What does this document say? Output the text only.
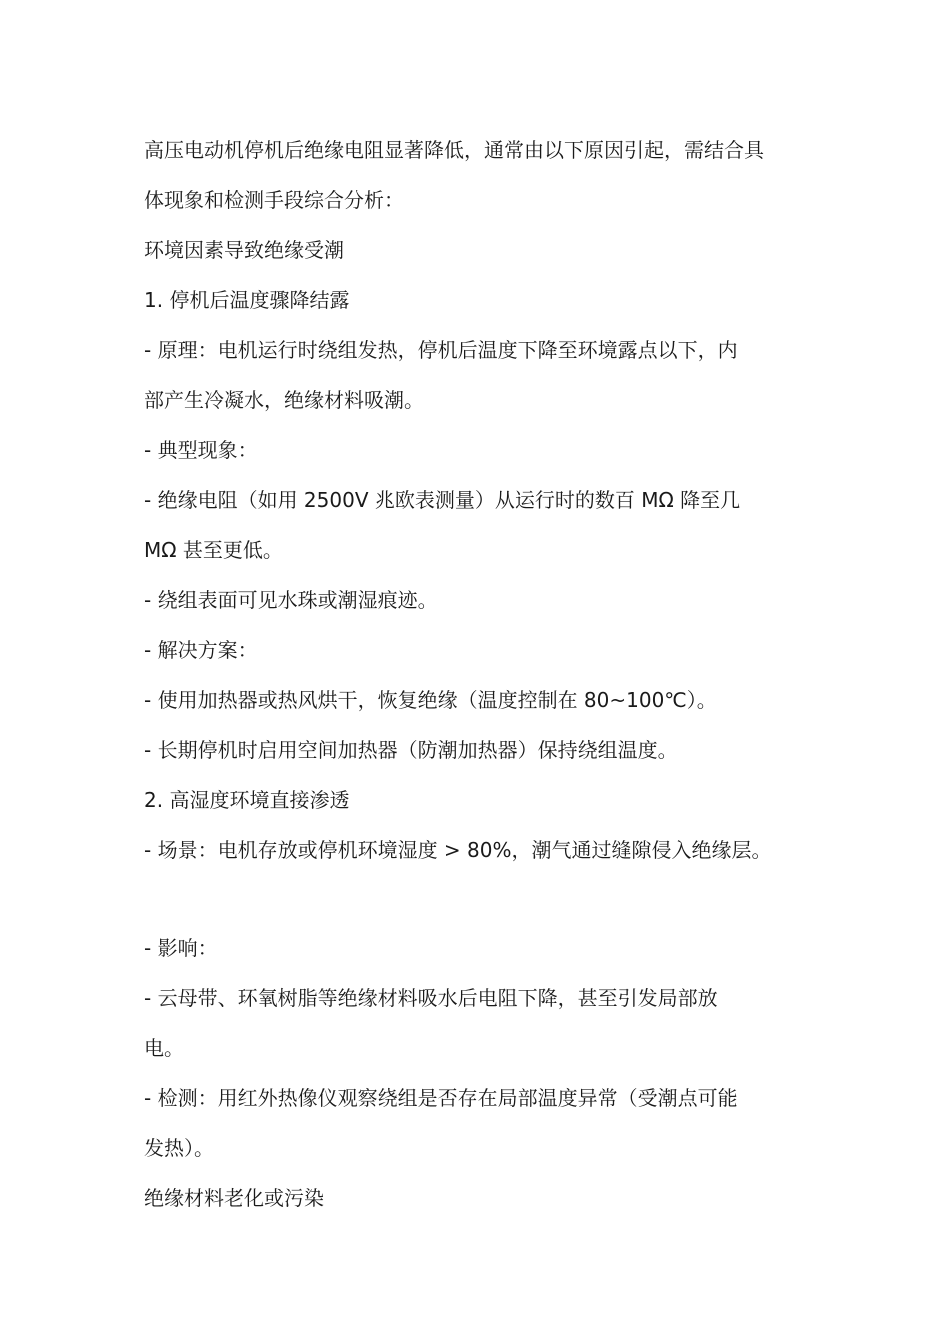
高压电动机停机后绝缘电阻显著降低，通常由以下原因引起，需结合具

体现象和检测手段综合分析：

环境因素导致绝缘受潮

1. 停机后温度骤降结露

- 原理：电机运行时绕组发热，停机后温度下降至环境露点以下，内

部产生冷凝水，绝缘材料吸潮。

- 典型现象：

- 绝缘电阻（如用 2500V 兆欧表测量）从运行时的数百 MΩ 降至几

MΩ 甚至更低。

- 绕组表面可见水珠或潮湿痕迹。

- 解决方案：

- 使用加热器或热风烘干，恢复绝缘（温度控制在 80~100℃）。

- 长期停机时启用空间加热器（防潮加热器）保持绕组温度。

2. 高湿度环境直接渗透

- 场景：电机存放或停机环境湿度 > 80%，潮气通过缝隙侵入绝缘层。

- 影响：

- 云母带、环氧树脂等绝缘材料吸水后电阻下降，甚至引发局部放

电。

- 检测：用红外热像仪观察绕组是否存在局部温度异常（受潮点可能

发热）。

绝缘材料老化或污染
